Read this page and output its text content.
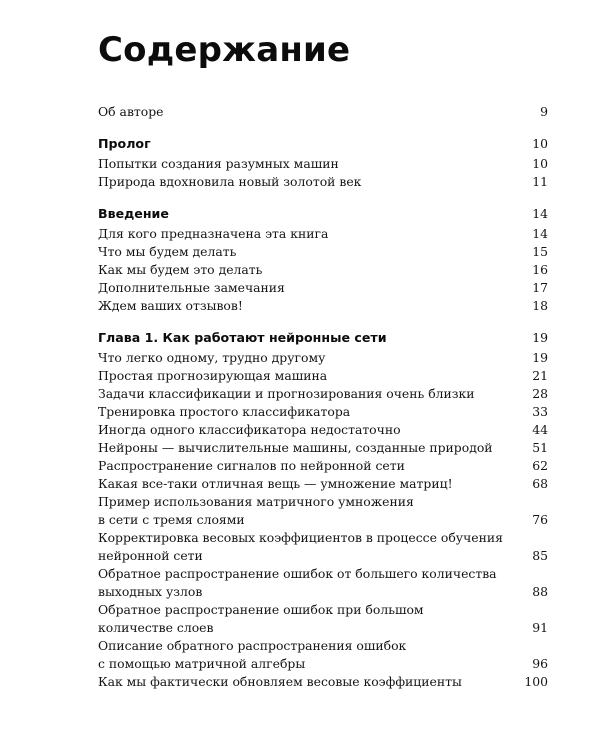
Содержание
Об авторе	9
Пролог	10
Попытки создания разумных машин	10
Природа вдохновила новый золотой век	11
Введение	14
Для кого предназначена эта книга	14
Что мы будем делать	15
Как мы будем это делать	16
Дополнительные замечания	17
Ждем ваших отзывов!	18
Глава 1. Как работают нейронные сети	19
Что легко одному, трудно другому	19
Простая прогнозирующая машина	21
Задачи классификации и прогнозирования очень близки	28
Тренировка простого классификатора	33
Иногда одного классификатора недостаточно	44
Нейроны — вычислительные машины, созданные природой	51
Распространение сигналов по нейронной сети	62
Какая все-таки отличная вещь — умножение матриц!	68
Пример использования матричного умножения
в сети с тремя слоями	76
Корректировка весовых коэффициентов в процессе обучения
нейронной сети	85
Обратное распространение ошибок от большего количества
выходных узлов	88
Обратное распространение ошибок при большом
количестве слоев	91
Описание обратного распространения ошибок
с помощью матричной алгебры	96
Как мы фактически обновляем весовые коэффициенты	100
